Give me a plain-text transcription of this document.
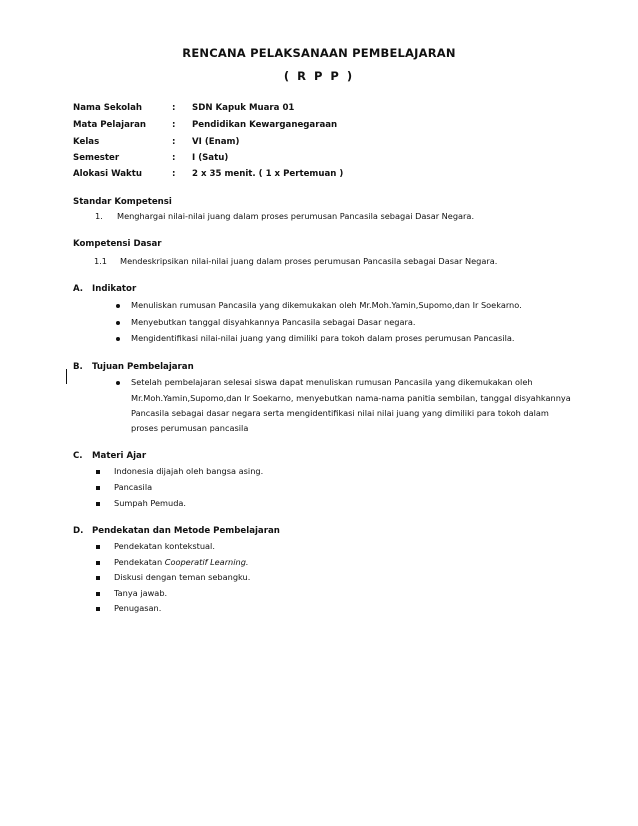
RENCANA PELAKSANAAN PEMBELAJARAN
( R P P )
Nama Sekolah	: SDN Kapuk Muara 01
Mata Pelajaran	: Pendidikan Kewarganegaraan
Kelas	: VI (Enam)
Semester	: I (Satu)
Alokasi Waktu	: 2 x 35 menit. ( 1 x Pertemuan )
Standar Kompetensi
1. Menghargai nilai-nilai juang dalam proses perumusan Pancasila sebagai Dasar Negara.
Kompetensi Dasar
1.1 Mendeskripsikan nilai-nilai juang dalam proses perumusan Pancasila sebagai Dasar Negara.
A. Indikator
Menuliskan rumusan Pancasila yang dikemukakan oleh Mr.Moh.Yamin,Supomo,dan Ir Soekarno.
Menyebutkan tanggal disyahkannya Pancasila sebagai Dasar negara.
Mengidentifikasi nilai-nilai juang yang dimiliki para tokoh dalam proses perumusan Pancasila.
B. Tujuan Pembelajaran
Setelah pembelajaran selesai siswa dapat menuliskan rumusan Pancasila yang dikemukakan oleh
Mr.Moh.Yamin,Supomo,dan Ir Soekarno, menyebutkan nama-nama panitia sembilan, tanggal disyahkannya
Pancasila sebagai dasar negara serta mengidentifikasi nilai nilai juang yang dimiliki para tokoh dalam
proses perumusan pancasila
C. Materi Ajar
Indonesia dijajah oleh bangsa asing.
Pancasila
Sumpah Pemuda.
D. Pendekatan dan Metode Pembelajaran
Pendekatan kontekstual.
Pendekatan Cooperatif Learning.
Diskusi dengan teman sebangku.
Tanya jawab.
Penugasan.
